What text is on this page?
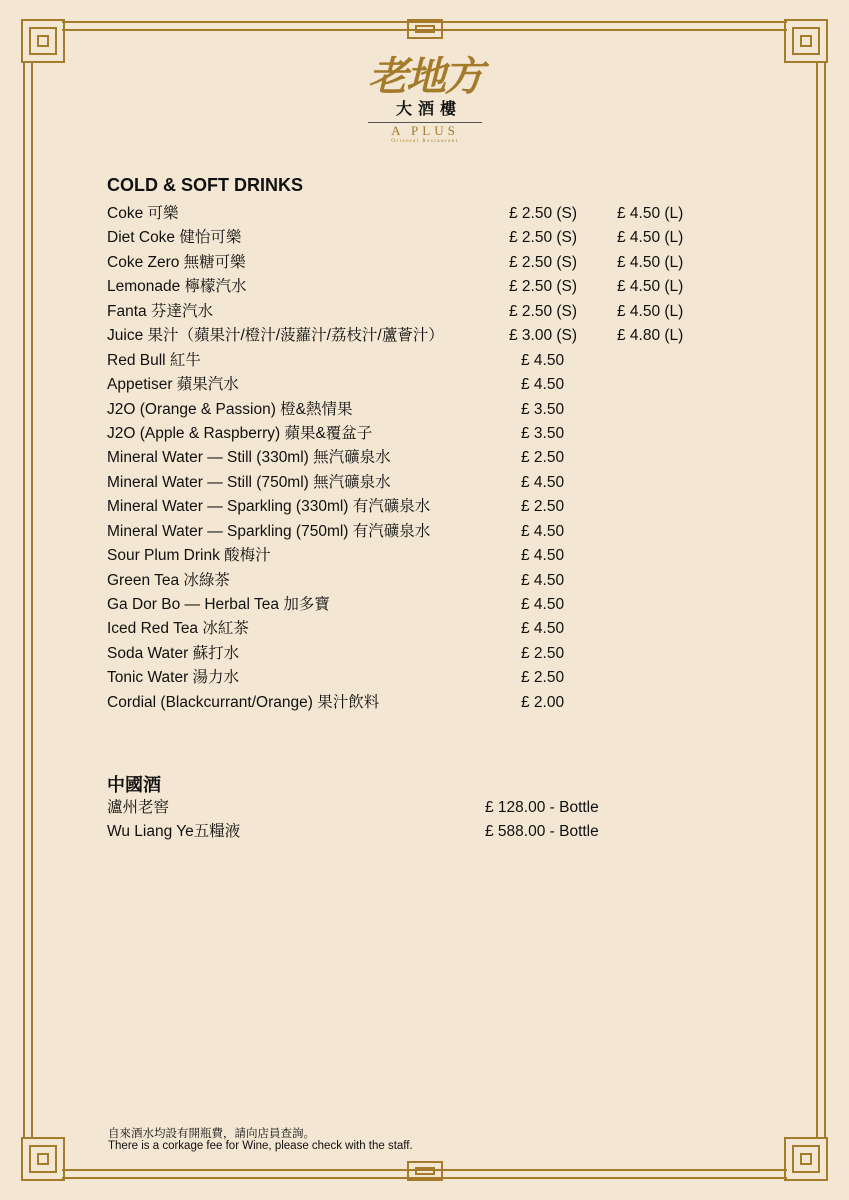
老地方
大酒樓
A PLUS
Oriental Restaurant
COLD & SOFT DRINKS
Coke 可樂	£ 2.50 (S)	£ 4.50 (L)
Diet Coke 健怡可樂	£ 2.50 (S)	£ 4.50 (L)
Coke Zero 無糖可樂	£ 2.50 (S)	£ 4.50 (L)
Lemonade 檸檬汽水	£ 2.50 (S)	£ 4.50 (L)
Fanta 芬達汽水	£ 2.50 (S)	£ 4.50 (L)
Juice 果汁（蘋果汁/橙汁/菠蘿汁/荔枝汁/蘆薈汁）	£ 3.00 (S)	£ 4.80 (L)
Red Bull 紅牛	£ 4.50
Appetiser 蘋果汽水	£ 4.50
J2O (Orange & Passion) 橙&熱情果	£ 3.50
J2O (Apple & Raspberry) 蘋果&覆盆子	£ 3.50
Mineral Water — Still (330ml) 無汽礦泉水	£ 2.50
Mineral Water — Still (750ml) 無汽礦泉水	£ 4.50
Mineral Water — Sparkling (330ml) 有汽礦泉水	£ 2.50
Mineral Water — Sparkling (750ml) 有汽礦泉水	£ 4.50
Sour Plum Drink 酸梅汁	£ 4.50
Green Tea 冰綠茶	£ 4.50
Ga Dor Bo — Herbal Tea 加多寶	£ 4.50
Iced Red Tea 冰紅茶	£ 4.50
Soda Water 蘇打水	£ 2.50
Tonic Water 湯力水	£ 2.50
Cordial (Blackcurrant/Orange) 果汁飲料	£ 2.00
中國酒
瀘州老窖	£ 128.00 - Bottle
Wu Liang Ye五糧液	£ 588.00 - Bottle
自來酒水均設有開瓶費，請向店員查詢。
There is a corkage fee for Wine, please check with the staff.
